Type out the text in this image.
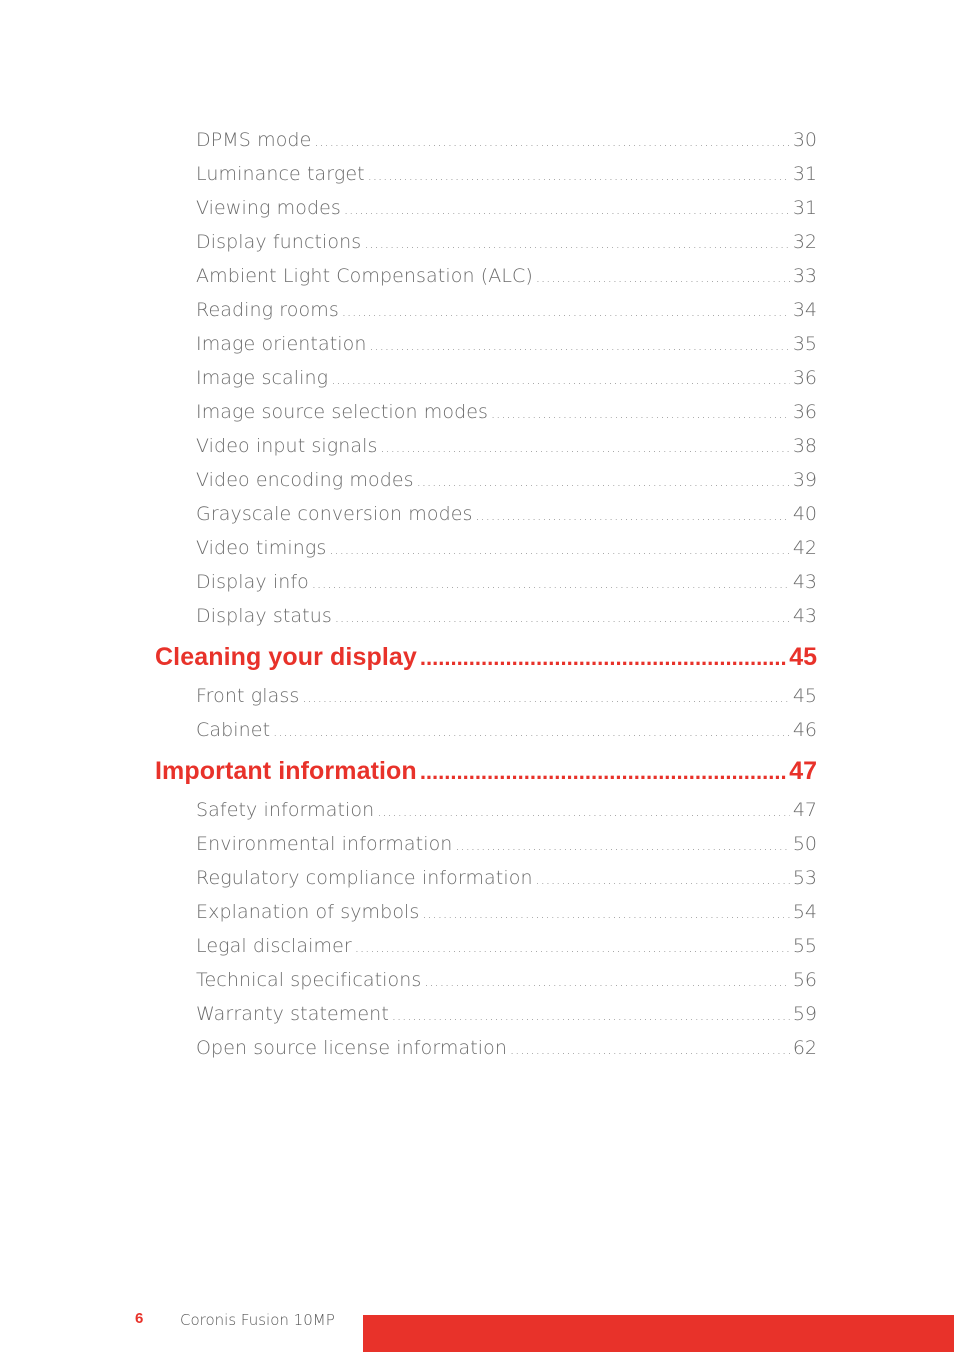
DPMS mode .....	30
Luminance target .....	31
Viewing modes .....	31
Display functions .....	32
Ambient Light Compensation (ALC) .....	33
Reading rooms .....	34
Image orientation .....	35
Image scaling .....	36
Image source selection modes .....	36
Video input signals .....	38
Video encoding modes .....	39
Grayscale conversion modes .....	40
Video timings .....	42
Display info .....	43
Display status .....	43
Cleaning your display .....	45
Front glass .....	45
Cabinet .....	46
Important information .....	47
Safety information .....	47
Environmental information .....	50
Regulatory compliance information .....	53
Explanation of symbols .....	54
Legal disclaimer .....	55
Technical specifications .....	56
Warranty statement .....	59
Open source license information .....	62
6 Coronis Fusion 10MP
